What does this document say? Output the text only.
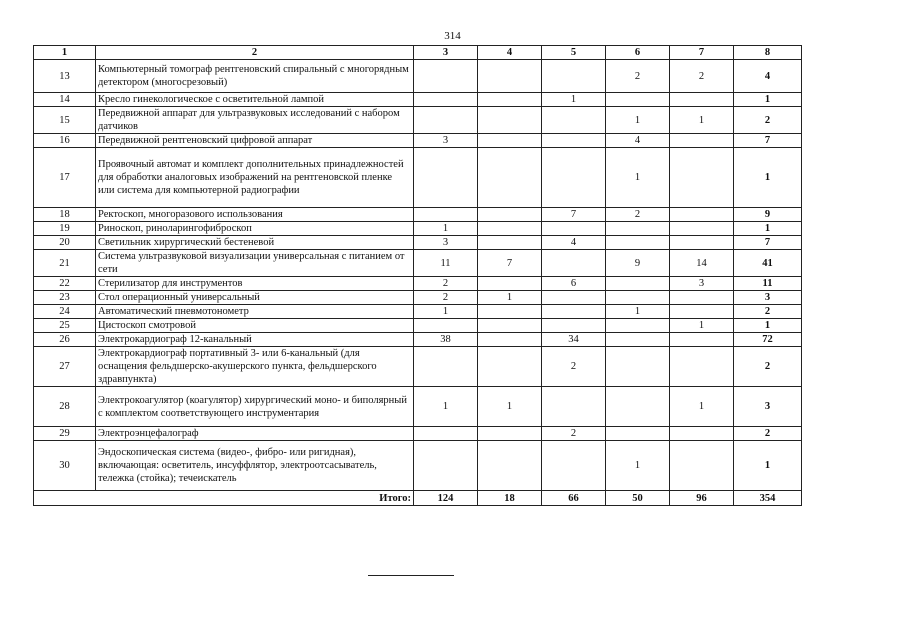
314
1	2	3	4	5	6	7	8
13	Компьютерный томограф рентгеновский спиральный с многорядным детектором (многосрезовый)				2	2	4
14	Кресло гинекологическое с осветительной лампой			1			1
15	Передвижной аппарат для ультразвуковых исследований с набором датчиков				1	1	2
16	Передвижной рентгеновский цифровой аппарат	3			4		7
17	Проявочный автомат и комплект дополнительных принадлежностей для обработки аналоговых изображений на рентгеновской пленке или система для компьютерной радиографии				1		1
18	Ректоскоп, многоразового использования			7	2		9
19	Риноскоп, риноларингофиброскоп	1					1
20	Светильник хирургический бестеневой	3		4			7
21	Система ультразвуковой визуализации универсальная с питанием от сети	11	7		9	14	41
22	Стерилизатор для инструментов	2		6		3	11
23	Стол операционный универсальный	2	1				3
24	Автоматический пневмотонометр	1			1		2
25	Цистоскоп смотровой					1	1
26	Электрокардиограф 12-канальный	38		34			72
27	Электрокардиограф портативный 3- или 6-канальный (для оснащения фельдшерско-акушерского пункта, фельдшерского здравпункта)			2			2
28	Электрокоагулятор (коагулятор) хирургический моно- и биполярный с комплектом соответствующего инструментария	1	1			1	3
29	Электроэнцефалограф			2			2
30	Эндоскопическая система (видео-, фибро- или ригидная), включающая: осветитель, инсуффлятор, электроотсасыватель, тележка (стойка); течеискатель				1		1
Итого:		124	18	66	50	96	354
